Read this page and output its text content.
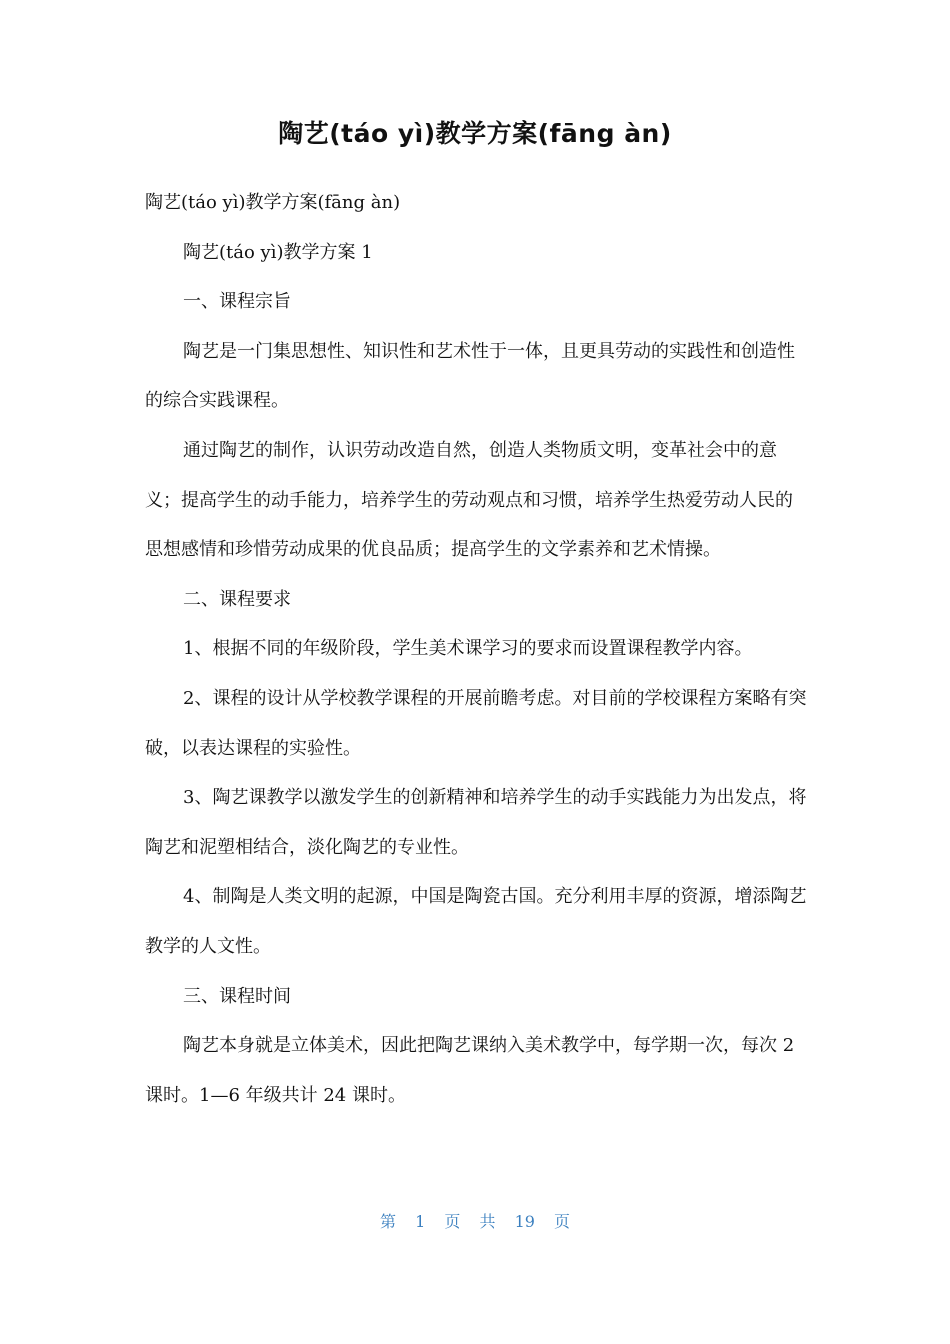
陶艺(táo yì)教学方案(fāng àn)

陶艺(táo yì)教学方案(fāng àn)

陶艺(táo yì)教学方案 1

一、课程宗旨

陶艺是一门集思想性、知识性和艺术性于一体，且更具劳动的实践性和创造性的综合实践课程。

通过陶艺的制作，认识劳动改造自然，创造人类物质文明，变革社会中的意义；提高学生的动手能力，培养学生的劳动观点和习惯，培养学生热爱劳动人民的思想感情和珍惜劳动成果的优良品质；提高学生的文学素养和艺术情操。

二、课程要求

1、根据不同的年级阶段，学生美术课学习的要求而设置课程教学内容。

2、课程的设计从学校教学课程的开展前瞻考虑。对目前的学校课程方案略有突破，以表达课程的实验性。

3、陶艺课教学以激发学生的创新精神和培养学生的动手实践能力为出发点，将陶艺和泥塑相结合，淡化陶艺的专业性。

4、制陶是人类文明的起源，中国是陶瓷古国。充分利用丰厚的资源，增添陶艺教学的人文性。

三、课程时间

陶艺本身就是立体美术，因此把陶艺课纳入美术教学中，每学期一次，每次 2 课时。1—6 年级共计 24 课时。

第 1 页 共 19 页
